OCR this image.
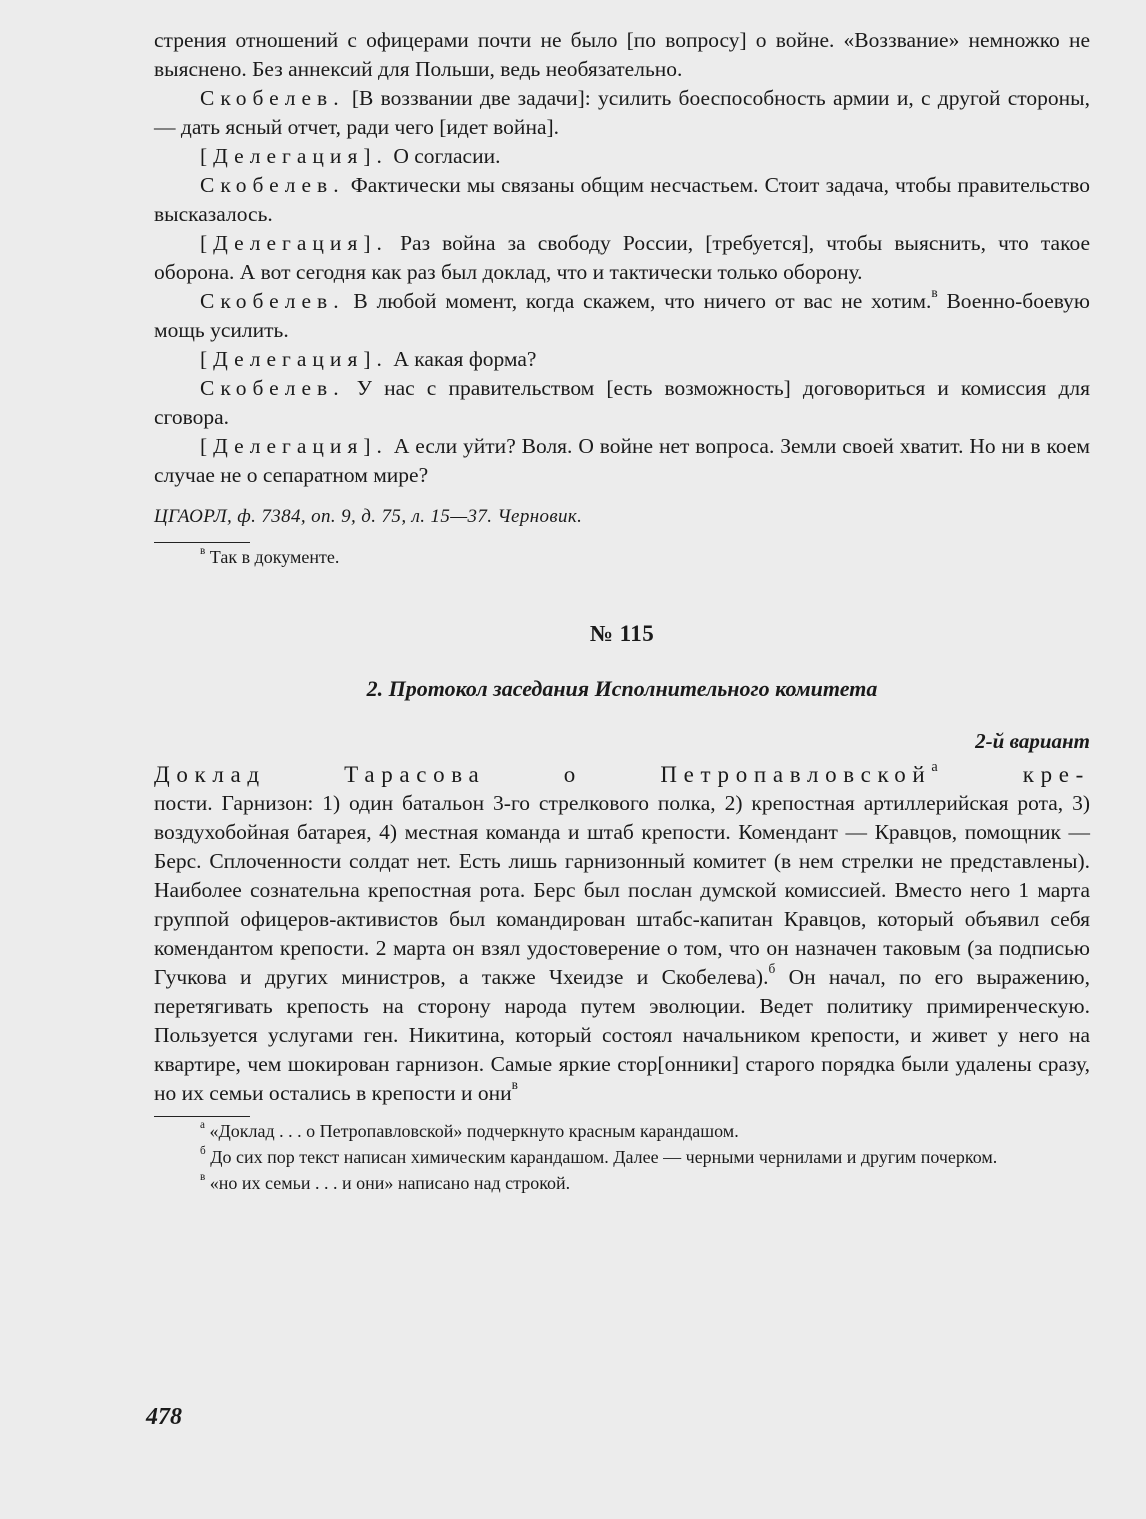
стрения отношений с офицерами почти не было [по вопросу] о войне. «Воззвание» немножко не выяснено. Без аннексий для Польши, ведь необязательно.

Скобелев. [В воззвании две задачи]: усилить боеспособность армии и, с другой стороны, — дать ясный отчет, ради чего [идет война].

[Делегация]. О согласии.

Скобелев. Фактически мы связаны общим несчастьем. Стоит задача, чтобы правительство высказалось.

[Делегация]. Раз война за свободу России, [требуется], чтобы выяснить, что такое оборона. А вот сегодня как раз был доклад, что и тактически только оборону.

Скобелев. В любой момент, когда скажем, что ничего от вас не хотим.$^в$ Военно-боевую мощь усилить.

[Делегация]. А какая форма?

Скобелев. У нас с правительством [есть возможность] договориться и комиссия для сговора.

[Делегация]. А если уйти? Воля. О войне нет вопроса. Земли своей хватит. Но ни в коем случае не о сепаратном мире?

ЦГАОРЛ, ф. 7384, оп. 9, д. 75, л. 15—37. Черновик.

$^в$ Так в документе.

№ 115

2. Протокол заседания Исполнительного комитета

2-й вариант

Доклад Тарасова о Петропавловской$^а$ кре-

пости. Гарнизон: 1) один батальон 3-го стрелкового полка, 2) крепостная артиллерийская рота, 3) воздухобойная батарея, 4) местная команда и штаб крепости. Комендант — Кравцов, помощник — Берс. Сплоченности солдат нет. Есть лишь гарнизонный комитет (в нем стрелки не представлены). Наиболее сознательна крепостная рота. Берс был послан думской комиссией. Вместо него 1 марта группой офицеров-активистов был командирован штабс-капитан Кравцов, который объявил себя комендантом крепости. 2 марта он взял удостоверение о том, что он назначен таковым (за подписью Гучкова и других министров, а также Чхеидзе и Скобелева).$^б$ Он начал, по его выражению, перетягивать крепость на сторону народа путем эволюции. Ведет политику примиренческую. Пользуется услугами ген. Никитина, который состоял начальником крепости, и живет у него на квартире, чем шокирован гарнизон. Самые яркие стор[онники] старого порядка были удалены сразу, но их семьи остались в крепости и они$^в$

$^а$ «Доклад . . . о Петропавловской» подчеркнуто красным карандашом.

$^б$ До сих пор текст написан химическим карандашом. Далее — черными чернилами и другим почерком.

$^в$ «но их семьи . . . и они» написано над строкой.

478
